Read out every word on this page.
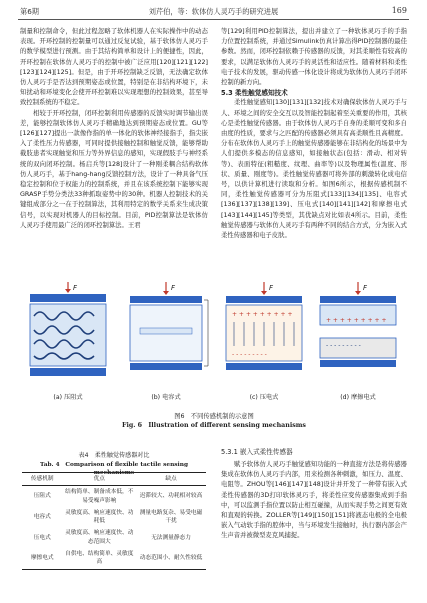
第6期	刘芹伯，等：软体仿人灵巧手的研究进展	169

制量和控制命令，但此过程忽略了软体机器人在实际操作中的动态表现。开环控制的控制量可以通过反复试验，基于软体仿人灵巧手的数学模型进行预测。由于其结构简单和设计上的便捷性，因此，开环控制在软体仿人灵巧手的控制中被广泛应用[120][121][122][123][124][125]。但是，由于开环控制缺乏反馈，无法确定软体仿人灵巧手是否达到预期姿态或位置，特别是在非结构环境下，未知扰动和环境变化会使开环控制难以实现理想的控制效果，甚至导致控制系统的不稳定。

相较于开环控制，闭环控制利用传感器的反馈实时调节输出误差，能够控制软体仿人灵巧手精确地达到预期姿态或位置。GU等[126][127]提出一款像作指的单一体化的软体神经接指手，指尖嵌入了柔性压力传感器，可同时提供接触控制和触觉反馈，能够帮助截肢患者实现触觉和压力等外界信息的感知，实现假肢手与神经系统的双向闭环控制。杨启兵等[128]设计了一种刚柔耦合结构软体仿人灵巧手，基于hang-hang反馈控制方法，设计了一种具备气压稳定控制和位于权能力的控制系统，并且在该系统控制下能够实现GRASP手势分类法33种抓取姿势中的30种。机器人控制技术的关键组成部分之一在于控制算法，其利用特定的数学关系来生成决策信号，以实现对机器人的目标控制。目前，PID控制算法是软体仿人灵巧手使用最广泛的闭环控制算法。王君

等[129]利用PID控制算法，提出并建立了一种软体灵巧手的手指力位置控制系统，并通过Simulink仿真计算出得PID控制器的最佳参数。然而，闭环控制依赖于传感器的反馈，对其柔顺性有较高的要求，以满足软体仿人灵巧手的灵活性和适应性。随着材料和柔性电子技术的发展，驱动传感一体化设计将成为软体仿人灵巧手闭环控制的新方向。

5.3 柔性触觉感知技术

柔性触觉感知[130][131][132]技术对确保软体仿人灵巧手与人、环境之间的安全交互以及智能控制起着至关重要的作用，其核心是柔性触觉传感器。由于软体仿人灵巧手自身的柔顺可变和多自由度的性质，要求与之匹配的传感器必须具有高柔顺性且高精度。分布在软体仿人灵巧手上的触觉传感器能够在非结构化的场景中为人们提供多模态的信息感知，如接触状态(包括：滑动、相对转等)、表面特征(粗糙度、纹理、曲率等)以及物理属性(温度、形状、质量、刚度等)。柔性触觉传感器可将外部的刺激转化成电信号，以供计算机进行读取和分析。如图6所示，根据传感机制不同，柔性触觉传感器可分为压阻式[133][134][135]、电容式[136][137][138][139]、压电式[140][141][142]和摩擦电式[143][144][145]等类型，其优缺点对比如表4所示。目前，柔性触觉传感器与软体仿人灵巧手有两种不同的结合方式，分为嵌入式柔性传感器和电子皮肤。

F	F
+ + + + + + + + +
- - - - - - - - -
F
+ + + + + + + + +
- - - - - - - - -
F
(a) 压阻式	(b) 电容式	(c) 压电式	(d) 摩擦电式
图6　不同传感机制的示意图
Fig. 6　Illustration of different sensing mechanisms
表4　柔性触觉传感器对比
Tab. 4　Comparison of flexible tactile sensing mechanisms
传感机制	优点	缺点
压阻式	结构简单、制备成本低，不易受噪声影响	迟滞较大、功耗相对较高
电容式	灵敏度高、响应速度快、功耗低	测量电路复杂、易受电磁干扰
压电式	灵敏度高、响应速度快、动态范围大	无法测量静态力
摩擦电式	自供电、结构简单、灵敏度高	动态范围小、耐久性较低
5.3.1 嵌入式柔性传感器

赋予软体仿人灵巧手触觉感知功能的一种直接方法是将传感器集成在软体仿人灵巧手内部，用来检测各种刺激，如压力、温度、电阻等。ZHOU等[146][147][148]设计并开发了一种带有嵌入式柔性传感器的3D打印软体灵巧手，将柔性应变传感器集成到手指中，可以监测手指位置以防止相互碰撞，从而实现手势之间更有效和直观的转换。ZOLLER等[149][150][151]将液态电极的全电极嵌入气动软手指的腔体中，当与环境发生接触时，执行器内部会产生声音并被微型麦克风捕捉。
